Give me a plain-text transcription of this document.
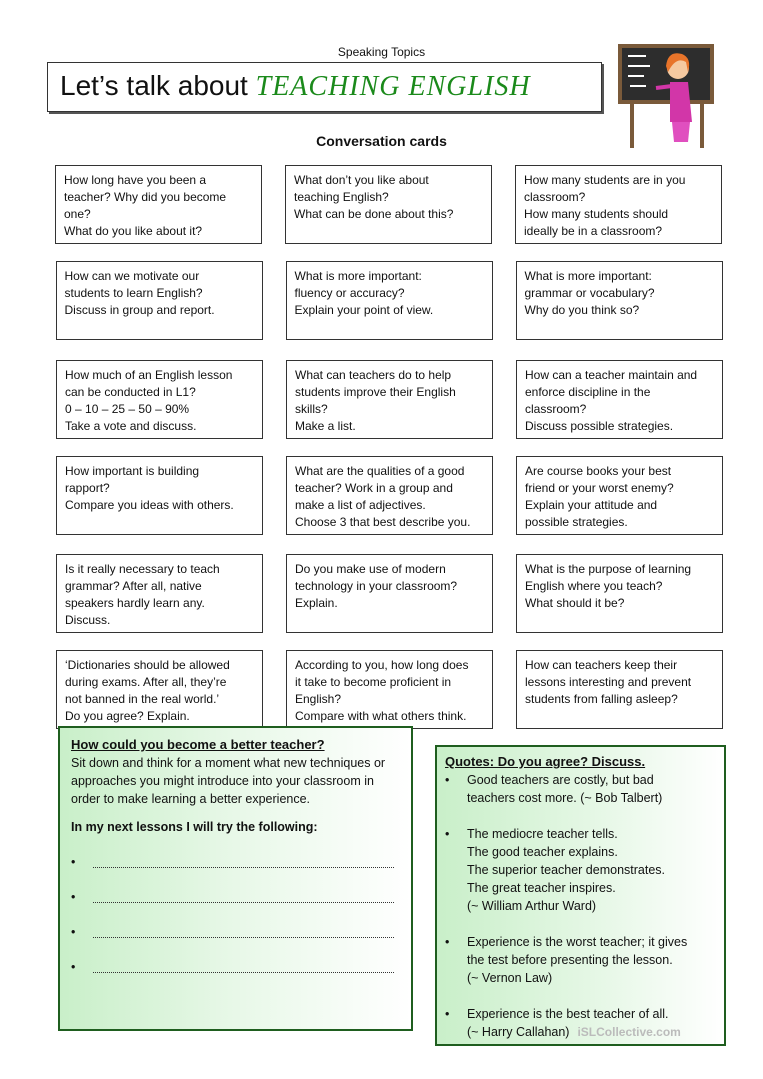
Speaking Topics
Let’s talk about TEACHING ENGLISH
Conversation cards
How long have you been a
teacher? Why did you become
one?
What do you like about it?
What don’t you like about
teaching English?
What can be done about this?
How many students are in you
classroom?
How many students should
ideally be in a classroom?
How can we motivate our
students to learn English?
Discuss in group and report.
What is more important:
fluency or accuracy?
Explain your point of view.
What is more important:
grammar or vocabulary?
Why do you think so?
How much of an English lesson
can be conducted in L1?
0 – 10 – 25 – 50 – 90%
Take a vote and discuss.
What can teachers do to help
students improve their English
skills?
Make a list.
How can a teacher maintain and
enforce discipline in the
classroom?
Discuss possible strategies.
How important is building
rapport?
Compare you ideas with others.
What are the qualities of a good
teacher? Work in a group and
make a list of adjectives.
Choose 3 that best describe you.
Are course books your best
friend or your worst enemy?
Explain your attitude and
possible strategies.
Is it really necessary to teach
grammar? After all, native
speakers hardly learn any.
Discuss.
Do you make use of modern
technology in your classroom?
Explain.
What is the purpose of learning
English where you teach?
What should it be?
‘Dictionaries should be allowed
during exams. After all, they’re
not banned in the real world.’
Do you agree? Explain.
According to you, how long does
it take to become proficient in
English?
Compare with what others think.
How can teachers keep their
lessons interesting and prevent
students from falling asleep?
How could you become a better teacher?
Sit down and think for a moment what new techniques or approaches you might introduce into your classroom in order to make learning a better experience.
In my next lessons I will try the following:
•
•
•
•
Quotes: Do you agree? Discuss.
•	Good teachers are costly, but bad
teachers cost more. (~ Bob Talbert)
•	The mediocre teacher tells.
The good teacher explains.
The superior teacher demonstrates.
The great teacher inspires.
(~ William Arthur Ward)
•	Experience is the worst teacher; it gives
the test before presenting the lesson.
(~ Vernon Law)
•	Experience is the best teacher of all.
(~ Harry Callahan) iSLCollective.com
